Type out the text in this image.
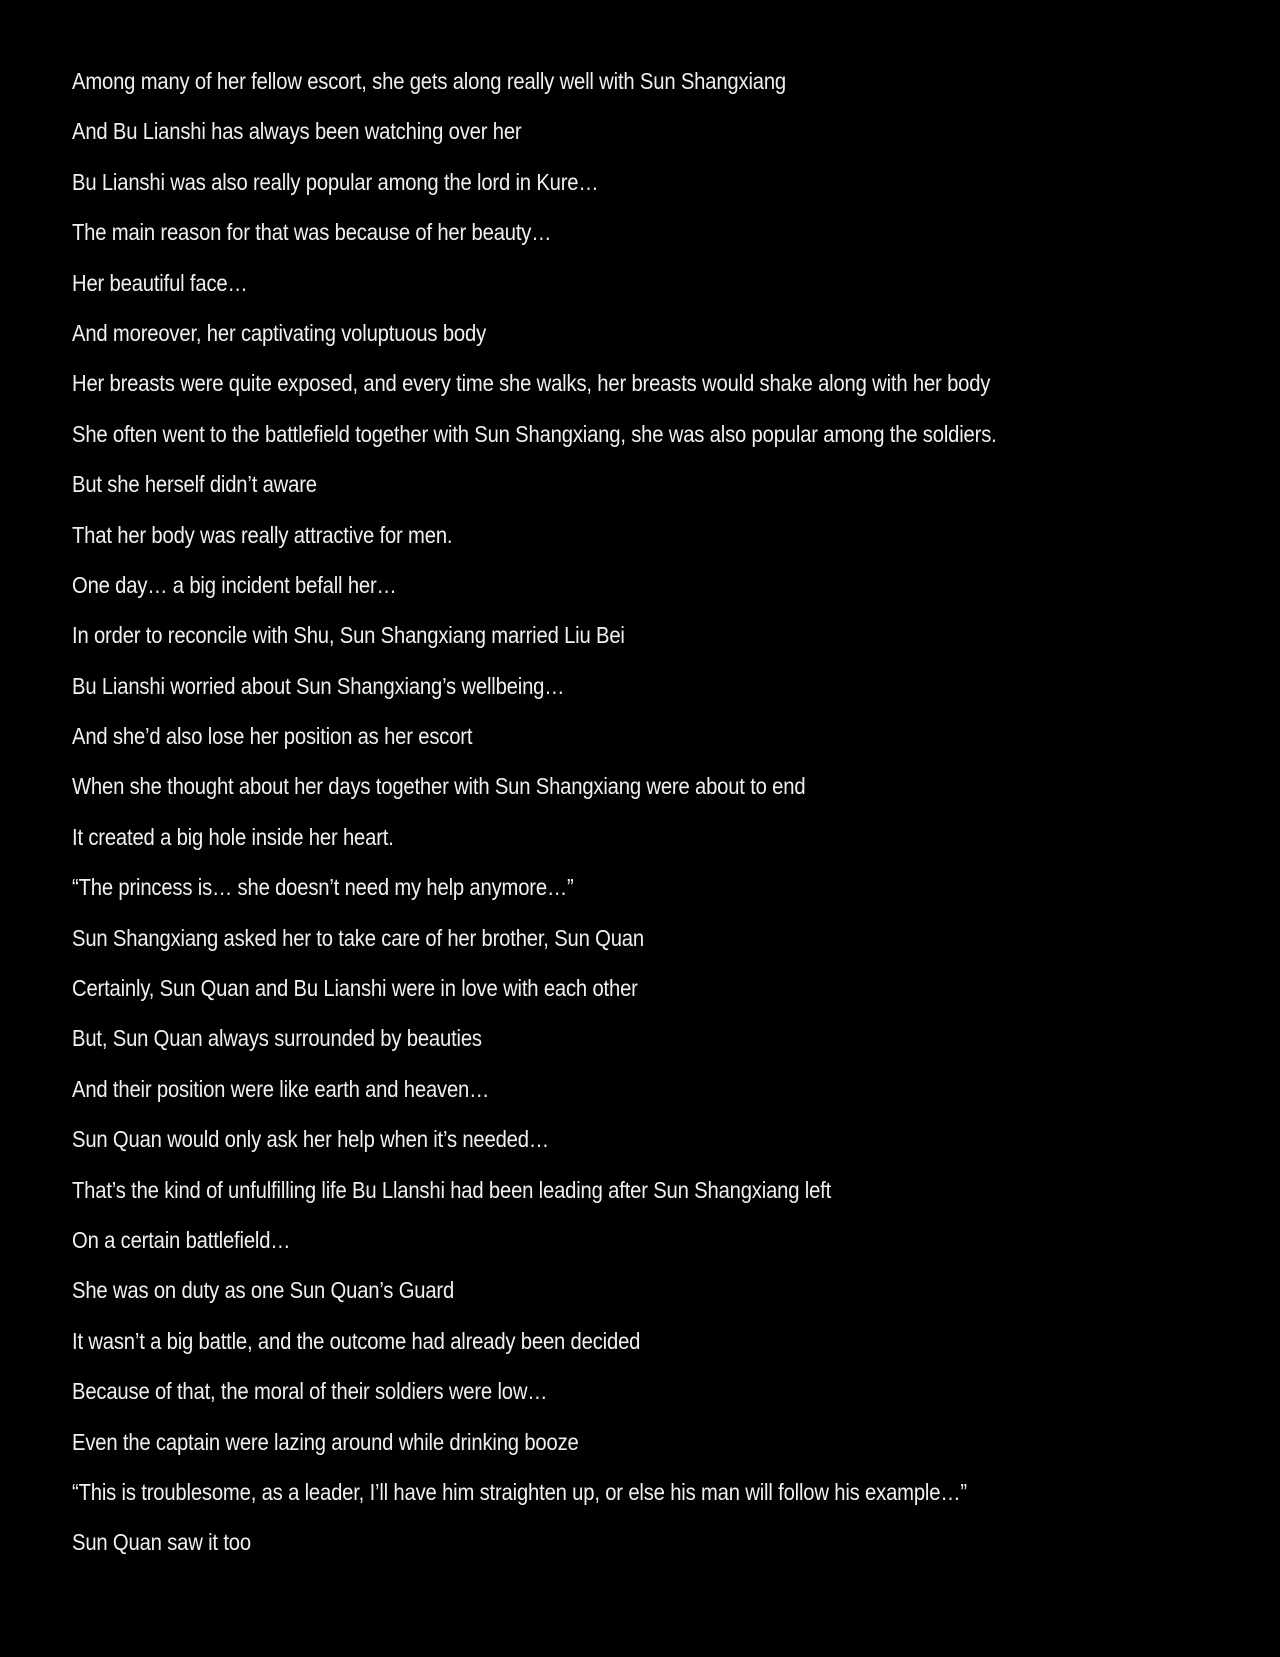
Among many of her fellow escort, she gets along really well with Sun Shangxiang

And Bu Lianshi has always been watching over her

Bu Lianshi was also really popular among the lord in Kure…

The main reason for that was because of her beauty…

Her beautiful face…

And moreover, her captivating voluptuous body

Her breasts were quite exposed, and every time she walks, her breasts would shake along with her body

She often went to the battlefield together with Sun Shangxiang, she was also popular among the soldiers.

But she herself didn’t aware

That her body was really attractive for men.

One day… a big incident befall her…

In order to reconcile with Shu, Sun Shangxiang married Liu Bei

Bu Lianshi worried about Sun Shangxiang’s wellbeing…

And she’d also lose her position as her escort

When she thought about her days together with Sun Shangxiang were about to end

It created a big hole inside her heart.

“The princess is… she doesn’t need my help anymore…”

Sun Shangxiang asked her to take care of her brother, Sun Quan

Certainly, Sun Quan and Bu Lianshi were in love with each other

But, Sun Quan always surrounded by beauties

And their position were like earth and heaven…

Sun Quan would only ask her help when it’s needed…

That’s the kind of unfulfilling life Bu Llanshi had been leading after Sun Shangxiang left

On a certain battlefield…

She was on duty as one Sun Quan’s Guard

It wasn’t a big battle, and the outcome had already been decided

Because of that, the moral of their soldiers were low…

Even the captain were lazing around while drinking booze

“This is troublesome, as a leader, I’ll have him straighten up, or else his man will follow his example…”

Sun Quan saw it too
